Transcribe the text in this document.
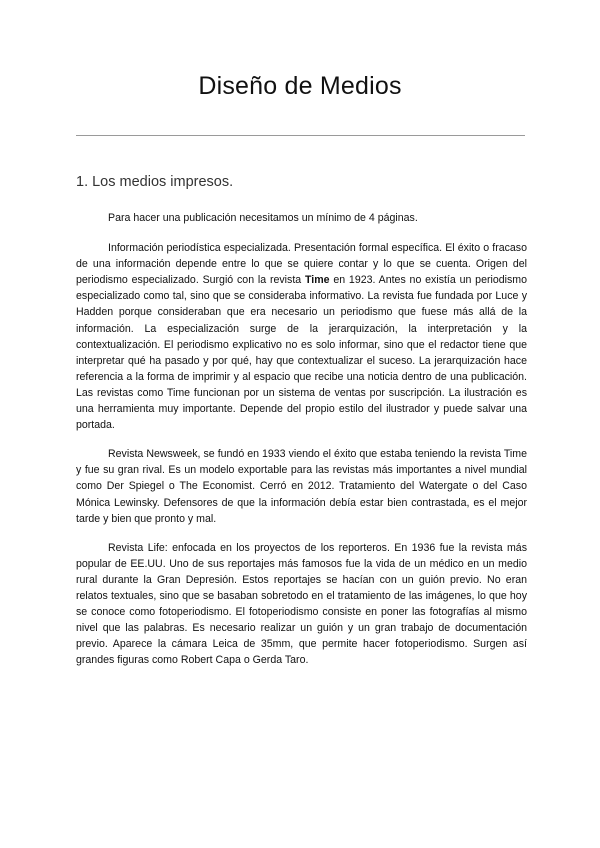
Diseño de Medios
1. Los medios impresos.

Para hacer una publicación necesitamos un mínimo de 4 páginas.

Información periodística especializada. Presentación formal específica. El éxito o fracaso de una información depende entre lo que se quiere contar y lo que se cuenta. Origen del periodismo especializado. Surgió con la revista Time en 1923. Antes no existía un periodismo especializado como tal, sino que se consideraba informativo. La revista fue fundada por Luce y Hadden porque consideraban que era necesario un periodismo que fuese más allá de la información. La especialización surge de la jerarquización, la interpretación y la contextualización. El periodismo explicativo no es solo informar, sino que el redactor tiene que interpretar qué ha pasado y por qué, hay que contextualizar el suceso. La jerarquización hace referencia a la forma de imprimir y al espacio que recibe una noticia dentro de una publicación. Las revistas como Time funcionan por un sistema de ventas por suscripción. La ilustración es una herramienta muy importante. Depende del propio estilo del ilustrador y puede salvar una portada.

Revista Newsweek, se fundó en 1933 viendo el éxito que estaba teniendo la revista Time y fue su gran rival. Es un modelo exportable para las revistas más importantes a nivel mundial como Der Spiegel o The Economist. Cerró en 2012. Tratamiento del Watergate o del Caso Mónica Lewinsky. Defensores de que la información debía estar bien contrastada, es el mejor tarde y bien que pronto y mal.

Revista Life: enfocada en los proyectos de los reporteros. En 1936 fue la revista más popular de EE.UU. Uno de sus reportajes más famosos fue la vida de un médico en un medio rural durante la Gran Depresión. Estos reportajes se hacían con un guión previo. No eran relatos textuales, sino que se basaban sobretodo en el tratamiento de las imágenes, lo que hoy se conoce como fotoperiodismo. El fotoperiodismo consiste en poner las fotografías al mismo nivel que las palabras. Es necesario realizar un guión y un gran trabajo de documentación previo. Aparece la cámara Leica de 35mm, que permite hacer fotoperiodismo. Surgen así grandes figuras como Robert Capa o Gerda Taro.
